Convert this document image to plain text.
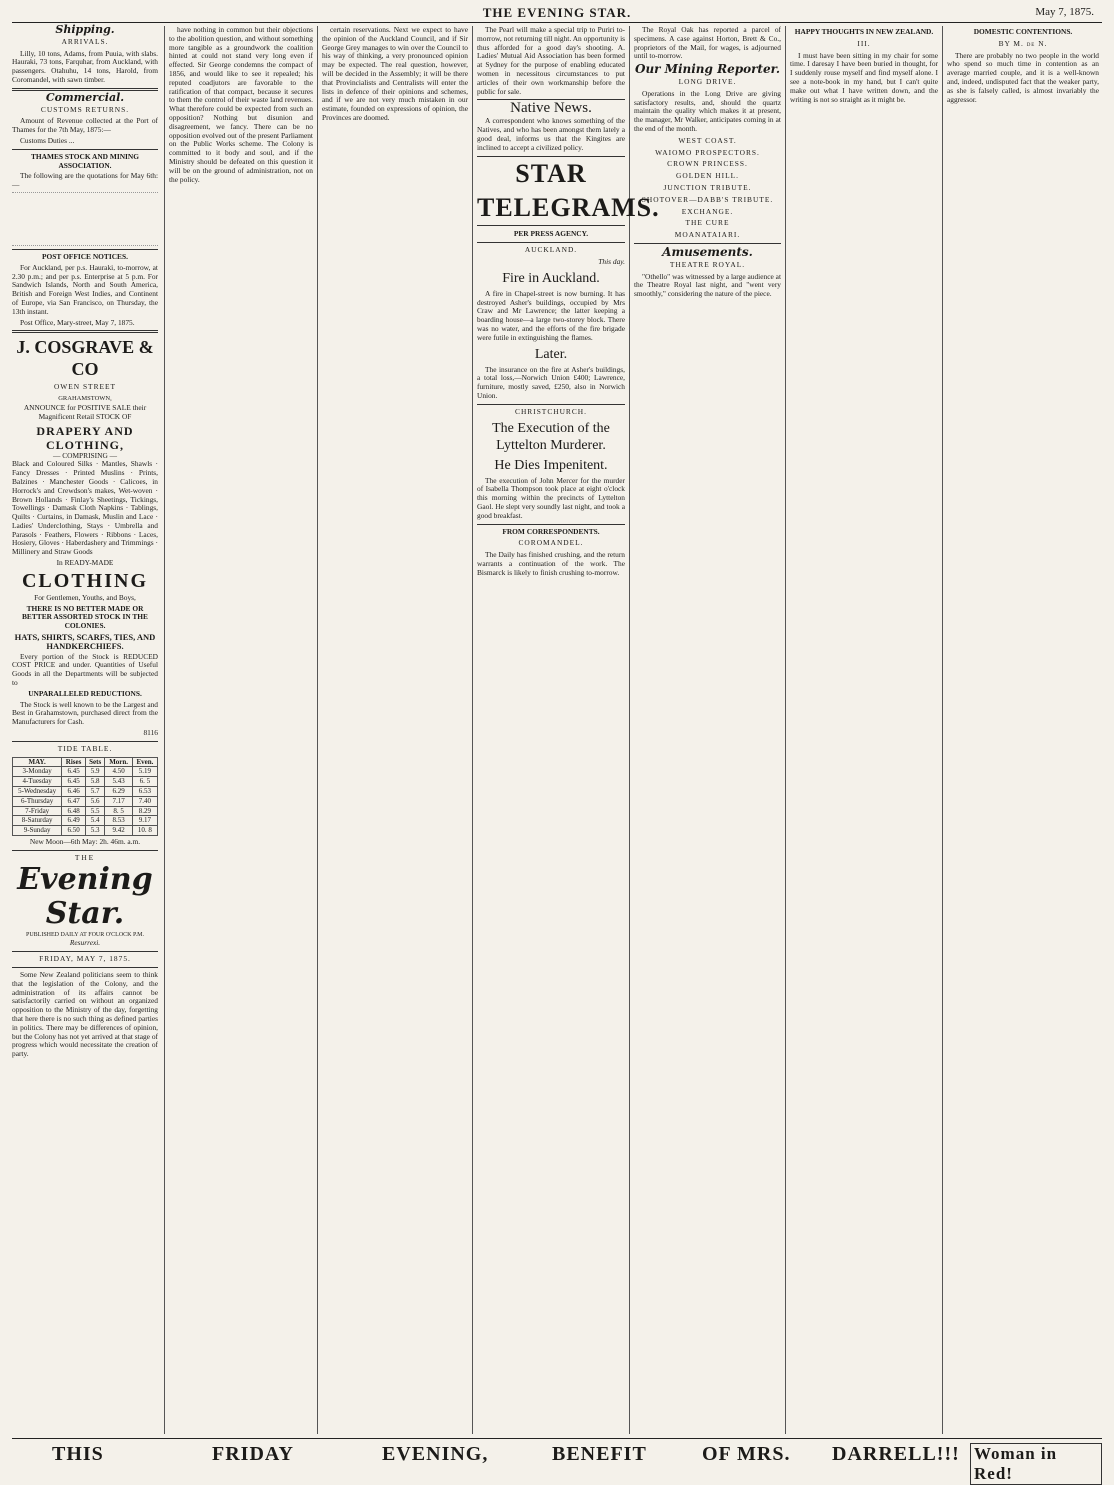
THE EVENING STAR.	May 7, 1875.
Shipping.
ARRIVALS.

Lilly, 10 tons, Adams, from Puuia, with slabs. Hauraki, 73 tons, Farquhar, from Auckland, with passengers. Otahuhu, 14 tons, Harold, from Coromandel, with sawn timber.

Commercial.
CUSTOMS RETURNS.

Amount of Revenue collected at the Port of Thames for the 7th May, 1875:—

Customs Duties ...

THAMES STOCK AND MINING ASSOCIATION.

The following are the quotations for May 6th:—

POST OFFICE NOTICES.

For Auckland, per p.s. Hauraki, to-morrow, at 2.30 p.m.; and per p.s. Enterprise at 5 p.m. For Sandwich Islands, North and South America, British and Foreign West Indies, and Continent of Europe, via San Francisco, on Thursday, the 13th instant.

Post Office, Mary-street, May 7, 1875.

J. COSGRAVE & CO
OWEN STREET
GRAHAMSTOWN,

ANNOUNCE for POSITIVE SALE their Magnificent Retail STOCK OF

DRAPERY AND CLOTHING,
— COMPRISING —

Black and Coloured Silks · Mantles, Shawls · Fancy Dresses · Printed Muslins · Prints, Balzines · Manchester Goods · Calicoes, in Horrock's and Crewdson's makes, Wet-woven · Brown Hollands · Finlay's Sheetings, Tickings, Towellings · Damask Cloth Napkins · Tablings, Quilts · Curtains, in Damask, Muslin and Lace · Ladies' Underclothing, Stays · Umbrella and Parasols · Feathers, Flowers · Ribbons · Laces, Hosiery, Gloves · Haberdashery and Trimmings · Millinery and Straw Goods

In READY-MADE
CLOTHING
For Gentlemen, Youths, and Boys,
THERE IS NO BETTER MADE OR BETTER ASSORTED STOCK IN THE COLONIES.
HATS, SHIRTS, SCARFS, TIES, AND HANDKERCHIEFS.

Every portion of the Stock is REDUCED COST PRICE and under. Quantities of Useful Goods in all the Departments will be subjected to

UNPARALLELED REDUCTIONS.

The Stock is well known to be the Largest and Best in Grahamstown, purchased direct from the Manufacturers for Cash.

8116
TIDE TABLE.
MAY.	Rises	Sets	Morn.	Even.
3-Monday	6.45	5.9	4.50	5.19
4-Tuesday	6.45	5.8	5.43	6. 5
5-Wednesday	6.46	5.7	6.29	6.53
6-Thursday	6.47	5.6	7.17	7.40
7-Friday	6.48	5.5	8. 5	8.29
8-Saturday	6.49	5.4	8.53	9.17
9-Sunday	6.50	5.3	9.42	10. 8
New Moon—6th May: 2h. 46m. a.m.
THE
Evening Star.
PUBLISHED DAILY AT FOUR O'CLOCK P.M.
Resurrexi.
FRIDAY, MAY 7, 1875.

Some New Zealand politicians seem to think that the legislation of the Colony, and the administration of its affairs cannot be satisfactorily carried on without an organized opposition to the Ministry of the day, forgetting that here there is no such thing as defined parties in politics. There may be differences of opinion, but the Colony has not yet arrived at that stage of progress which would necessitate the creation of party.

have nothing in common but their objections to the abolition question, and without something more tangible as a groundwork the coalition hinted at could not stand very long even if effected. Sir George condemns the compact of 1856, and would like to see it repealed; his reputed coadjutors are favorable to the ratification of that compact, because it secures to them the control of their waste land revenues. What therefore could be expected from such an opposition? Nothing but disunion and disagreement, we fancy. There can be no opposition evolved out of the present Parliament on the Public Works scheme. The Colony is committed to it body and soul, and if the Ministry should be defeated on this question it will be on the ground of administration, not on the policy.

certain reservations. Next we expect to have the opinion of the Auckland Council, and if Sir George Grey manages to win over the Council to his way of thinking, a very pronounced opinion may be expected. The real question, however, will be decided in the Assembly; it will be there that Provincialists and Centralists will enter the lists in defence of their opinions and schemes, and if we are not very much mistaken in our estimate, founded on expressions of opinion, the Provinces are doomed.

The Pearl will make a special trip to Puriri to-morrow, not returning till night. An opportunity is thus afforded for a good day's shooting. A. Ladies' Mutual Aid Association has been formed at Sydney for the purpose of enabling educated women in necessitous circumstances to put articles of their own workmanship before the public for sale.

Native News.

A correspondent who knows something of the Natives, and who has been amongst them lately a good deal, informs us that the Kingites are inclined to accept a civilized policy.

STAR TELEGRAMS.
PER PRESS AGENCY.
AUCKLAND.
This day.
Fire in Auckland.

A fire in Chapel-street is now burning. It has destroyed Asher's buildings, occupied by Mrs Craw and Mr Lawrence; the latter keeping a boarding house—a large two-storey block. There was no water, and the efforts of the fire brigade were futile in extinguishing the flames.

Later.

The insurance on the fire at Asher's buildings, a total loss,—Norwich Union £400; Lawrence, furniture, mostly saved, £250, also in Norwich Union.

CHRISTCHURCH.
The Execution of the Lyttelton Murderer.
He Dies Impenitent.

The execution of John Mercer for the murder of Isabella Thompson took place at eight o'clock this morning within the precincts of Lyttelton Gaol. He slept very soundly last night, and took a good breakfast.

FROM CORRESPONDENTS.
COROMANDEL.

The Daily has finished crushing, and the return warrants a continuation of the work. The Bismarck is likely to finish crushing to-morrow.

The Royal Oak has reported a parcel of specimens. A case against Horton, Brett & Co., proprietors of the Mail, for wages, is adjourned until to-morrow.

Our Mining Reporter.
LONG DRIVE.

Operations in the Long Drive are giving satisfactory results, and, should the quartz maintain the quality which makes it at present, the manager, Mr Walker, anticipates coming in at the end of the month.

WEST COAST.
WAIOMO PROSPECTORS.
CROWN PRINCESS.
GOLDEN HILL.
JUNCTION TRIBUTE.
SHOTOVER—DABB'S TRIBUTE.
EXCHANGE.
THE CURE
MOANATAIARI.
Amusements.
THEATRE ROYAL.

"Othello" was witnessed by a large audience at the Theatre Royal last night, and "went very smoothly," considering the nature of the piece.

HAPPY THOUGHTS IN NEW ZEALAND.
III.

I must have been sitting in my chair for some time. I daresay I have been buried in thought, for I suddenly rouse myself and find myself alone. I see a note-book in my hand, but I can't quite make out what I have written down, and the writing is not so straight as it might be.

DOMESTIC CONTENTIONS.
BY M. de N.

There are probably no two people in the world who spend so much time in contention as an average married couple, and it is a well-known and, indeed, undisputed fact that the weaker party, as she is falsely called, is almost invariably the aggressor.

THIS	FRIDAY	EVENING,	BENEFIT	OF MRS. DARRELL!!! Woman in Red!
